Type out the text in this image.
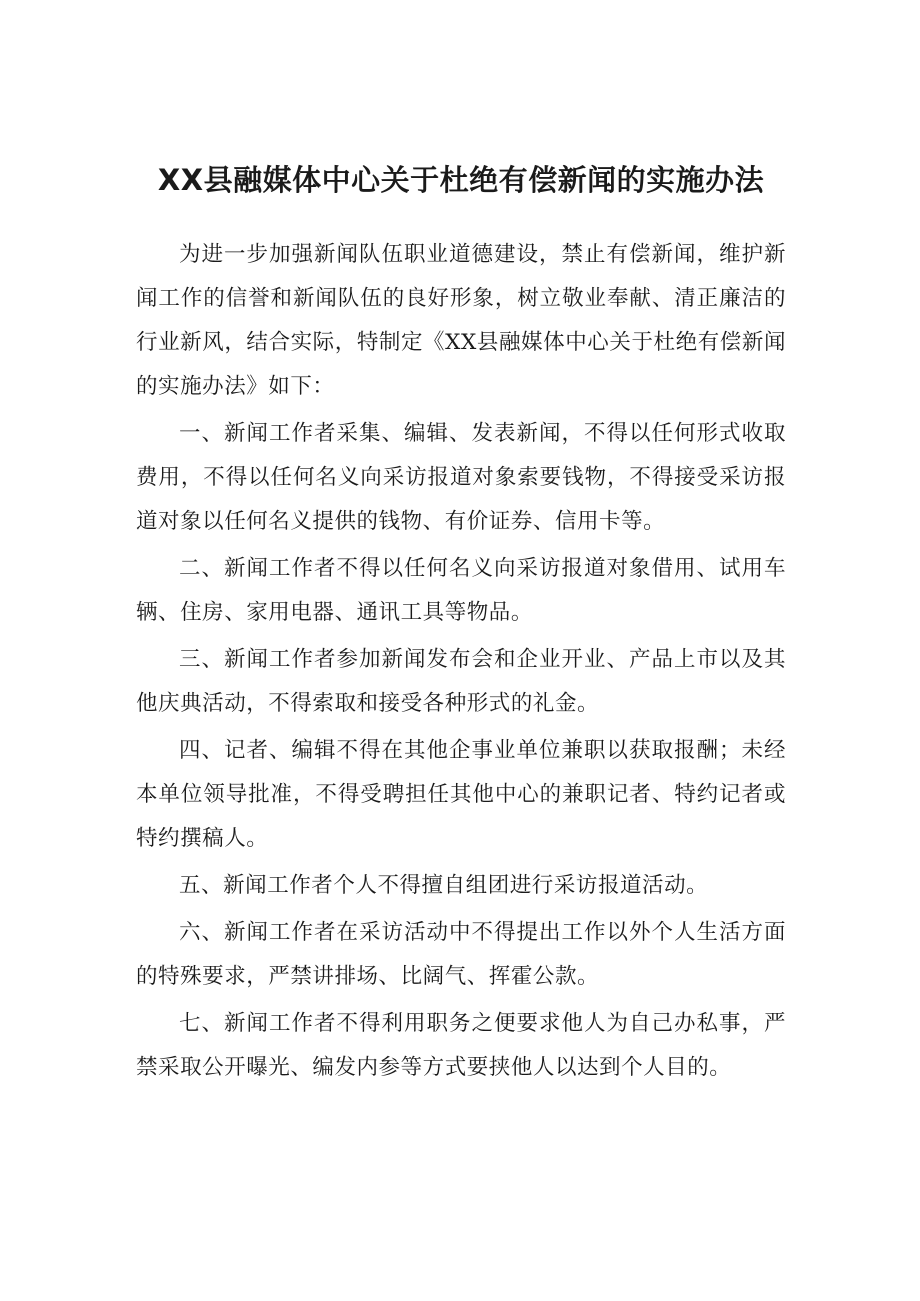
XX县融媒体中心关于杜绝有偿新闻的实施办法

为进一步加强新闻队伍职业道德建设，禁止有偿新闻，维护新闻工作的信誉和新闻队伍的良好形象，树立敬业奉献、清正廉洁的行业新风，结合实际，特制定《XX县融媒体中心关于杜绝有偿新闻的实施办法》如下：

一、新闻工作者采集、编辑、发表新闻，不得以任何形式收取费用，不得以任何名义向采访报道对象索要钱物，不得接受采访报道对象以任何名义提供的钱物、有价证券、信用卡等。

二、新闻工作者不得以任何名义向采访报道对象借用、试用车辆、住房、家用电器、通讯工具等物品。

三、新闻工作者参加新闻发布会和企业开业、产品上市以及其他庆典活动，不得索取和接受各种形式的礼金。

四、记者、编辑不得在其他企事业单位兼职以获取报酬；未经本单位领导批准，不得受聘担任其他中心的兼职记者、特约记者或特约撰稿人。

五、新闻工作者个人不得擅自组团进行采访报道活动。

六、新闻工作者在采访活动中不得提出工作以外个人生活方面的特殊要求，严禁讲排场、比阔气、挥霍公款。

七、新闻工作者不得利用职务之便要求他人为自己办私事，严禁采取公开曝光、编发内参等方式要挟他人以达到个人目的。
